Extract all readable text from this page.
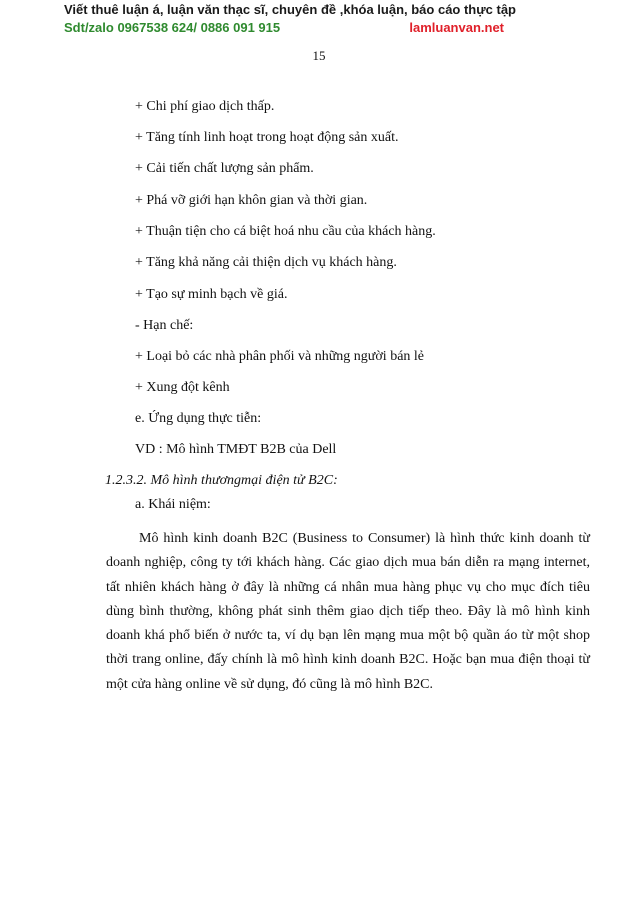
Viết thuê luận á, luận văn thạc sĩ, chuyên đề ,khóa luận, báo cáo thực tập
Sdt/zalo 0967538 624/ 0886 091 915	lamluanvan.net
15
+ Chi phí giao dịch thấp.
+ Tăng tính linh hoạt trong hoạt động sản xuất.
+ Cải tiến chất lượng sản phẩm.
+ Phá vỡ giới hạn khôn gian và thời gian.
+ Thuận tiện cho cá biệt hoá nhu cầu của khách hàng.
+ Tăng khả năng cải thiện dịch vụ khách hàng.
+ Tạo sự minh bạch về giá.
- Hạn chế:
+ Loại bỏ các nhà phân phối và những người bán lẻ
+ Xung đột kênh
e. Ứng dụng thực tiễn:
VD : Mô hình TMĐT B2B của Dell
1.2.3.2. Mô hình thươngmại điện tử B2C:
a. Khái niệm:
Mô hình kinh doanh B2C (Business to Consumer) là hình thức kinh doanh từ doanh nghiệp, công ty tới khách hàng. Các giao dịch mua bán diễn ra mạng internet, tất nhiên khách hàng ở đây là những cá nhân mua hàng phục vụ cho mục đích tiêu dùng bình thường, không phát sinh thêm giao dịch tiếp theo. Đây là mô hình kinh doanh khá phổ biến ở nước ta, ví dụ bạn lên mạng mua một bộ quần áo từ một shop thời trang online, đấy chính là mô hình kinh doanh B2C. Hoặc bạn mua điện thoại từ một cửa hàng online về sử dụng, đó cũng là mô hình B2C.
